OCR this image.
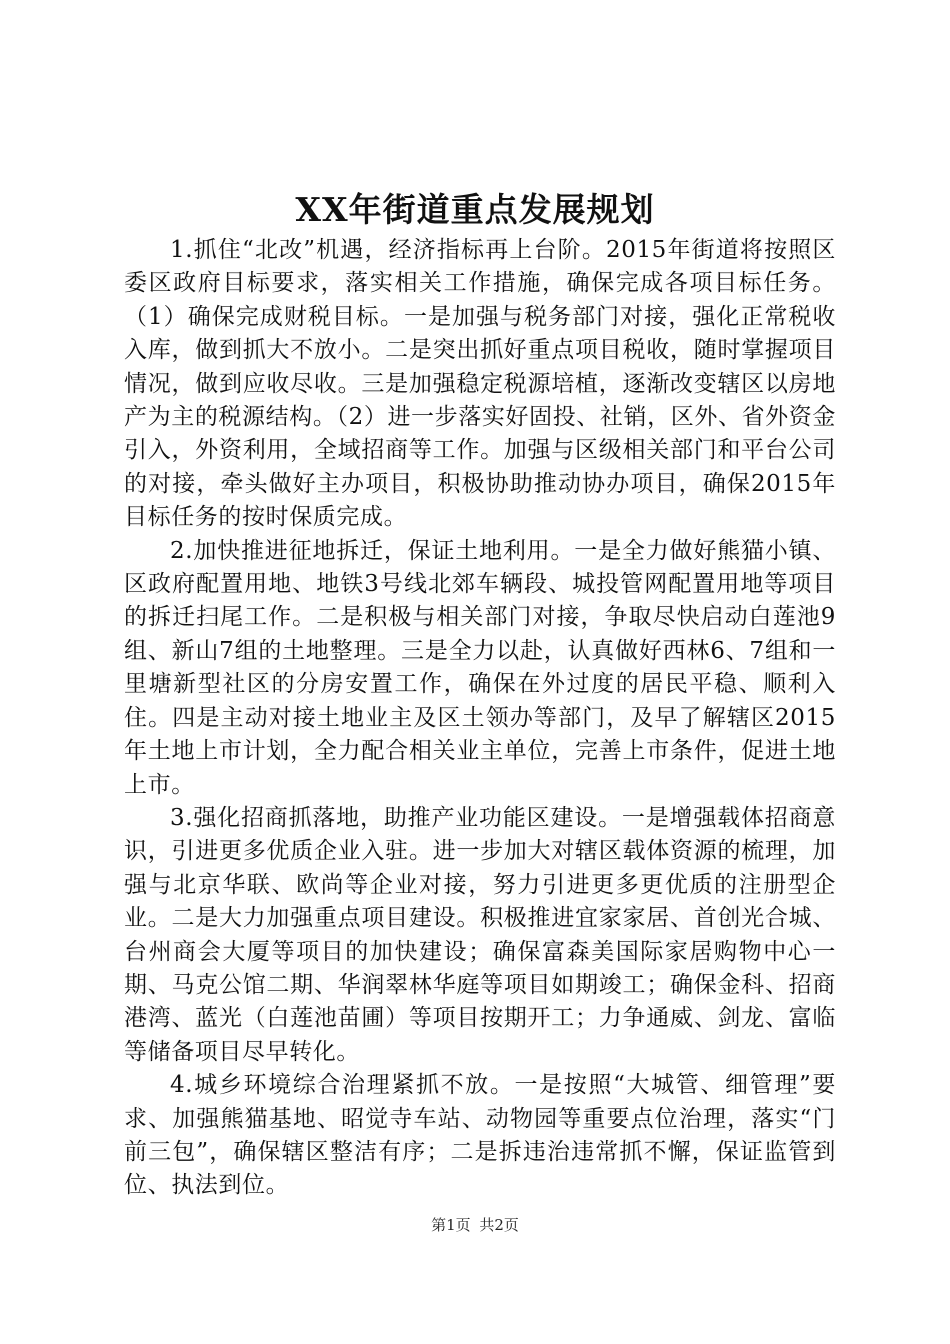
XX年街道重点发展规划

1.抓住“北改”机遇，经济指标再上台阶。2015年街道将按照区委区政府目标要求，落实相关工作措施，确保完成各项目标任务。（1）确保完成财税目标。一是加强与税务部门对接，强化正常税收入库，做到抓大不放小。二是突出抓好重点项目税收，随时掌握项目情况，做到应收尽收。三是加强稳定税源培植，逐渐改变辖区以房地产为主的税源结构。（2）进一步落实好固投、社销，区外、省外资金引入，外资利用，全域招商等工作。加强与区级相关部门和平台公司的对接，牵头做好主办项目，积极协助推动协办项目，确保2015年目标任务的按时保质完成。

2.加快推进征地拆迁，保证土地利用。一是全力做好熊猫小镇、区政府配置用地、地铁3号线北郊车辆段、城投管网配置用地等项目的拆迁扫尾工作。二是积极与相关部门对接，争取尽快启动白莲池9组、新山7组的土地整理。三是全力以赴，认真做好西林6、7组和一里塘新型社区的分房安置工作，确保在外过度的居民平稳、顺利入住。四是主动对接土地业主及区土领办等部门，及早了解辖区2015年土地上市计划，全力配合相关业主单位，完善上市条件，促进土地上市。

3.强化招商抓落地，助推产业功能区建设。一是增强载体招商意识，引进更多优质企业入驻。进一步加大对辖区载体资源的梳理，加强与北京华联、欧尚等企业对接，努力引进更多更优质的注册型企业。二是大力加强重点项目建设。积极推进宜家家居、首创光合城、台州商会大厦等项目的加快建设；确保富森美国际家居购物中心一期、马克公馆二期、华润翠林华庭等项目如期竣工；确保金科、招商港湾、蓝光（白莲池苗圃）等项目按期开工；力争通威、剑龙、富临等储备项目尽早转化。

4.城乡环境综合治理紧抓不放。一是按照“大城管、细管理”要求、加强熊猫基地、昭觉寺车站、动物园等重要点位治理，落实“门前三包”，确保辖区整洁有序；二是拆违治违常抓不懈，保证监管到位、执法到位。

第1页 共2页
